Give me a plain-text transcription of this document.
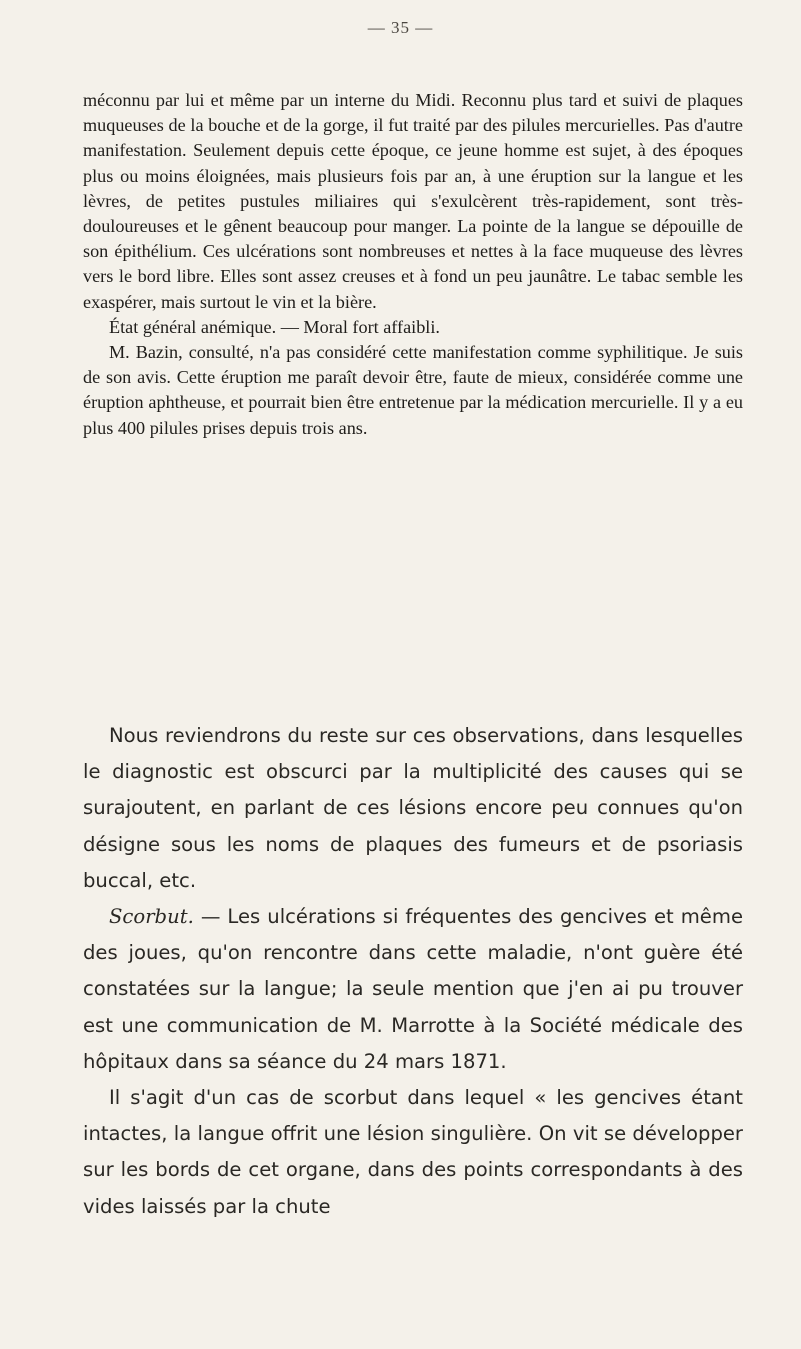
— 35 —

méconnu par lui et même par un interne du Midi. Reconnu plus tard et suivi de plaques muqueuses de la bouche et de la gorge, il fut traité par des pilules mercurielles. Pas d'autre manifestation. Seulement depuis cette époque, ce jeune homme est sujet, à des époques plus ou moins éloignées, mais plusieurs fois par an, à une éruption sur la langue et les lèvres, de petites pustules miliaires qui s'exulcèrent très-rapidement, sont très-douloureuses et le gênent beaucoup pour manger. La pointe de la langue se dépouille de son épithélium. Ces ulcérations sont nombreuses et nettes à la face muqueuse des lèvres vers le bord libre. Elles sont assez creuses et à fond un peu jaunâtre. Le tabac semble les exaspérer, mais surtout le vin et la bière.

État général anémique. — Moral fort affaibli.

M. Bazin, consulté, n'a pas considéré cette manifestation comme syphilitique. Je suis de son avis. Cette éruption me paraît devoir être, faute de mieux, considérée comme une éruption aphtheuse, et pourrait bien être entretenue par la médication mercurielle. Il y a eu plus 400 pilules prises depuis trois ans.

Nous reviendrons du reste sur ces observations, dans lesquelles le diagnostic est obscurci par la multiplicité des causes qui se surajoutent, en parlant de ces lésions encore peu connues qu'on désigne sous les noms de plaques des fumeurs et de psoriasis buccal, etc.

Scorbut. — Les ulcérations si fréquentes des gencives et même des joues, qu'on rencontre dans cette maladie, n'ont guère été constatées sur la langue; la seule mention que j'en ai pu trouver est une communication de M. Marrotte à la Société médicale des hôpitaux dans sa séance du 24 mars 1871.

Il s'agit d'un cas de scorbut dans lequel « les gencives étant intactes, la langue offrit une lésion singulière. On vit se développer sur les bords de cet organe, dans des points correspondants à des vides laissés par la chute
